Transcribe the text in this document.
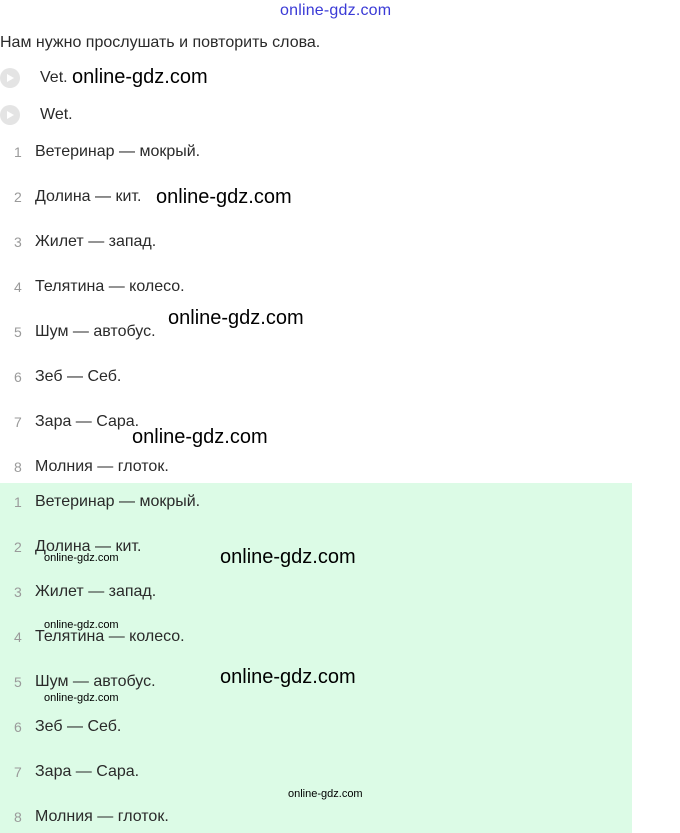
online-gdz.com
Нам нужно прослушать и повторить слова.
Vet.
Wet.
1 Ветеринар — мокрый.
2 Долина — кит.
3 Жилет — запад.
4 Телятина — колесо.
5 Шум — автобус.
6 Зеб — Себ.
7 Зара — Сара.
8 Молния — глоток.
1 Ветеринар — мокрый.
2 Долина — кит.
3 Жилет — запад.
4 Телятина — колесо.
5 Шум — автобус.
6 Зеб — Себ.
7 Зара — Сара.
8 Молния — глоток.
online-gdz.com
online-gdz.com
online-gdz.com
online-gdz.com
online-gdz.com
online-gdz.com
online-gdz.com
online-gdz.com
online-gdz.com
online-gdz.com
